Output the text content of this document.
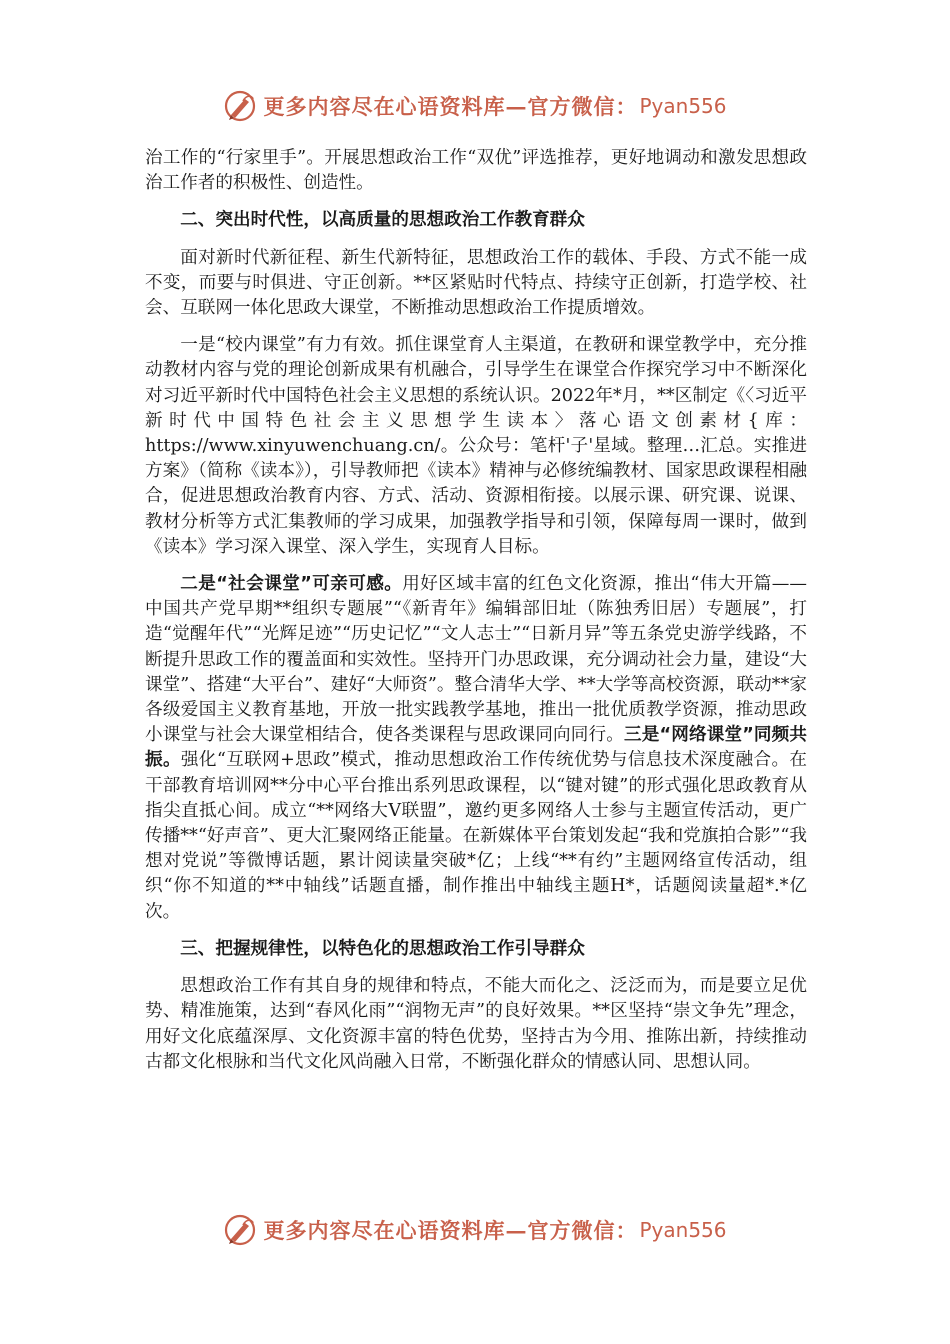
更多内容尽在心语资料库—官方微信： Pyan556

治工作的“行家里手”。开展思想政治工作“双优”评选推荐，更好地调动和激发思想政治工作者的积极性、创造性。

二、突出时代性，以高质量的思想政治工作教育群众

面对新时代新征程、新生代新特征，思想政治工作的载体、手段、方式不能一成不变，而要与时俱进、守正创新。**区紧贴时代特点、持续守正创新，打造学校、社会、互联网一体化思政大课堂，不断推动思想政治工作提质增效。

一是“校内课堂”有力有效。抓住课堂育人主渠道，在教研和课堂教学中，充分推动教材内容与党的理论创新成果有机融合，引导学生在课堂合作探究学习中不断深化对习近平新时代中国特色社会主义思想的系统认识。2022年*月，**区制定《〈习近平新时代中国特色社会主义思想学生读本〉落心语文创素材{库：https://www.xinyuwenchuang.cn/。公众号：笔杆'子'星域。整理…汇总。实推进方案》（简称《读本》），引导教师把《读本》精神与必修统编教材、国家思政课程相融合，促进思想政治教育内容、方式、活动、资源相衔接。以展示课、研究课、说课、教材分析等方式汇集教师的学习成果，加强教学指导和引领，保障每周一课时，做到《读本》学习深入课堂、深入学生，实现育人目标。

二是“社会课堂”可亲可感。用好区域丰富的红色文化资源，推出“伟大开篇——中国共产党早期**组织专题展”“《新青年》编辑部旧址（陈独秀旧居）专题展”，打造“觉醒年代”“光辉足迹”“历史记忆”“文人志士”“日新月异”等五条党史游学线路，不断提升思政工作的覆盖面和实效性。坚持开门办思政课，充分调动社会力量，建设“大课堂”、搭建“大平台”、建好“大师资”。整合清华大学、**大学等高校资源，联动**家各级爱国主义教育基地，开放一批实践教学基地，推出一批优质教学资源，推动思政小课堂与社会大课堂相结合，使各类课程与思政课同向同行。三是“网络课堂”同频共振。强化“互联网+思政”模式，推动思想政治工作传统优势与信息技术深度融合。在干部教育培训网**分中心平台推出系列思政课程，以“键对键”的形式强化思政教育从指尖直抵心间。成立“**网络大V联盟”，邀约更多网络人士参与主题宣传活动，更广传播**“好声音”、更大汇聚网络正能量。在新媒体平台策划发起“我和党旗拍合影”“我想对党说”等微博话题，累计阅读量突破*亿；上线“**有约”主题网络宣传活动，组织“你不知道的**中轴线”话题直播，制作推出中轴线主题H*，话题阅读量超*.*亿次。

三、把握规律性，以特色化的思想政治工作引导群众

思想政治工作有其自身的规律和特点，不能大而化之、泛泛而为，而是要立足优势、精准施策，达到“春风化雨”“润物无声”的良好效果。**区坚持“崇文争先”理念，用好文化底蕴深厚、文化资源丰富的特色优势，坚持古为今用、推陈出新，持续推动古都文化根脉和当代文化风尚融入日常，不断强化群众的情感认同、思想认同。

更多内容尽在心语资料库—官方微信： Pyan556
